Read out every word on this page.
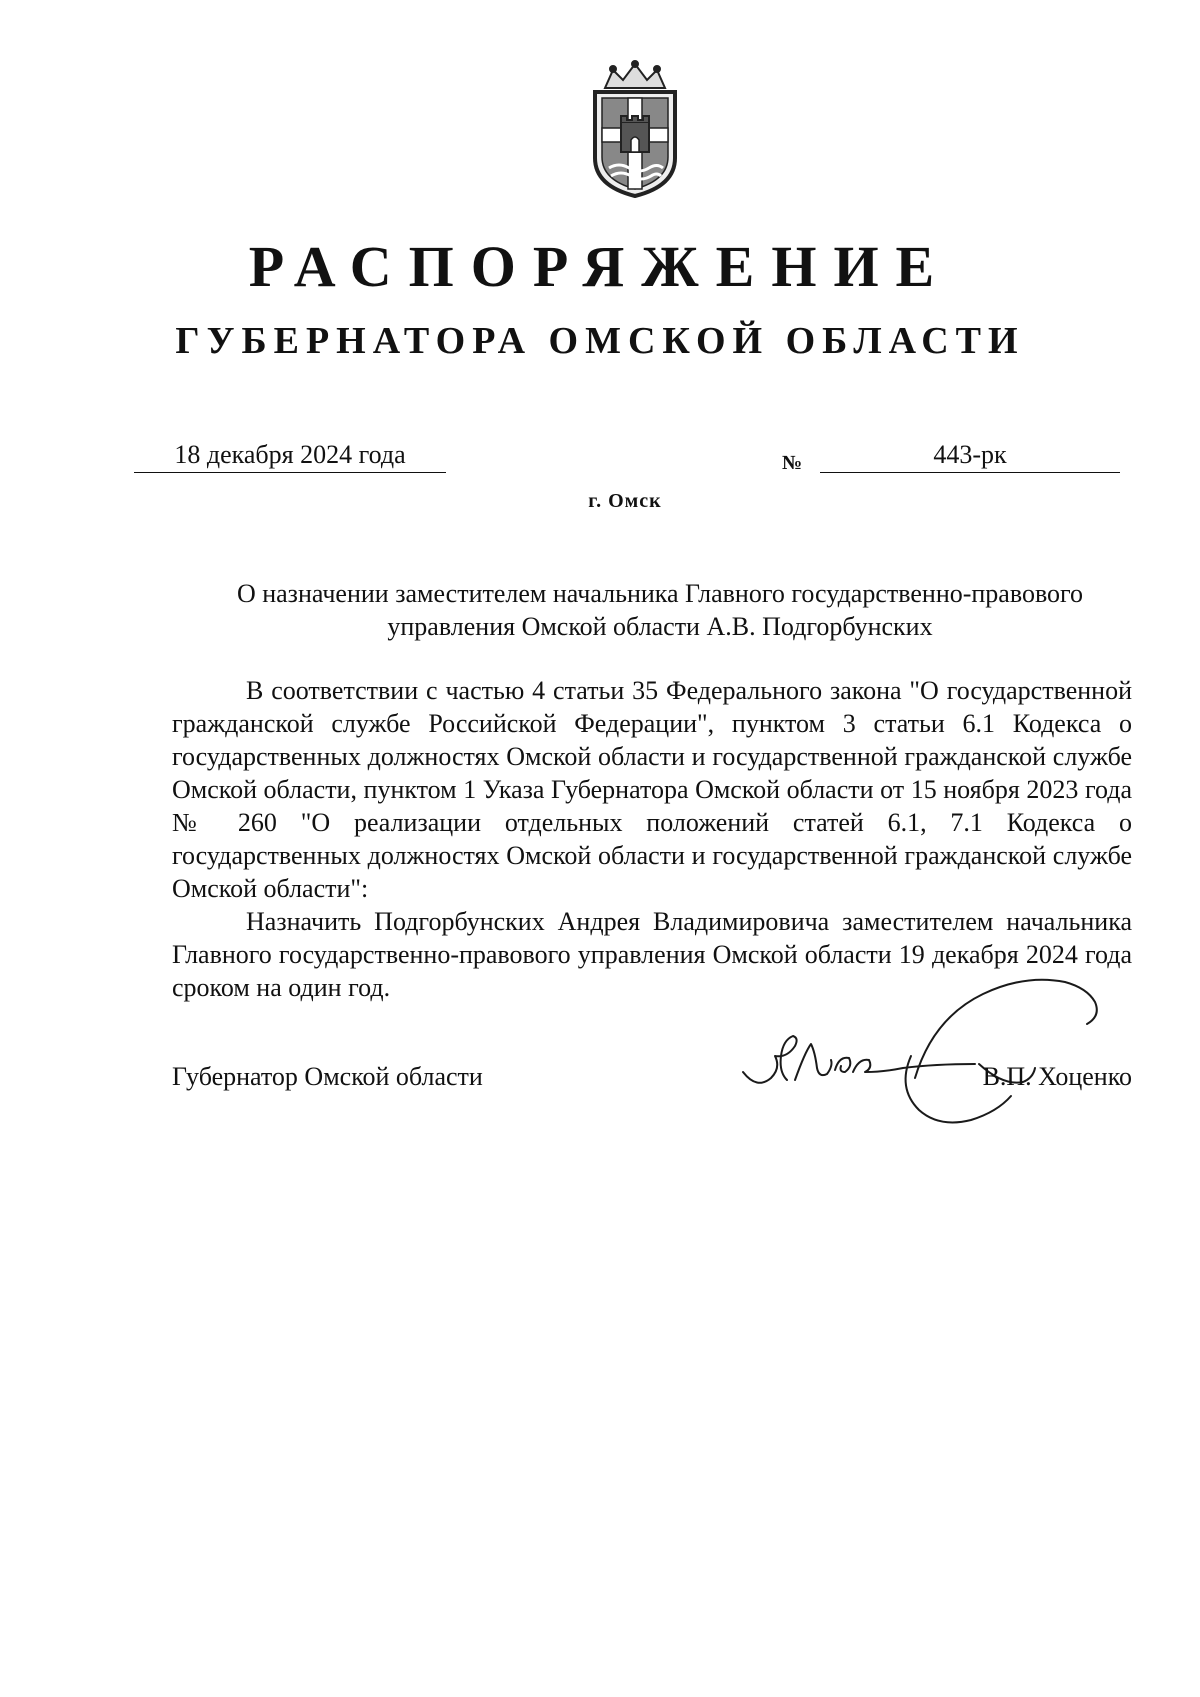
РАСПОРЯЖЕНИЕ
ГУБЕРНАТОРА ОМСКОЙ ОБЛАСТИ
18 декабря 2024 года	№	443-рк
г. Омск
О назначении заместителем начальника Главного государственно-правового управления Омской области А.В. Подгорбунских

В соответствии с частью 4 статьи 35 Федерального закона "О государственной гражданской службе Российской Федерации", пунктом 3 статьи 6.1 Кодекса о государственных должностях Омской области и государственной гражданской службе Омской области, пунктом 1 Указа Губернатора Омской области от 15 ноября 2023 года № 260 "О реализации отдельных положений статей 6.1, 7.1 Кодекса о государственных должностях Омской области и государственной гражданской службе Омской области":

Назначить Подгорбунских Андрея Владимировича заместителем начальника Главного государственно-правового управления Омской области 19 декабря 2024 года сроком на один год.

Губернатор Омской области	В.П. Хоценко
